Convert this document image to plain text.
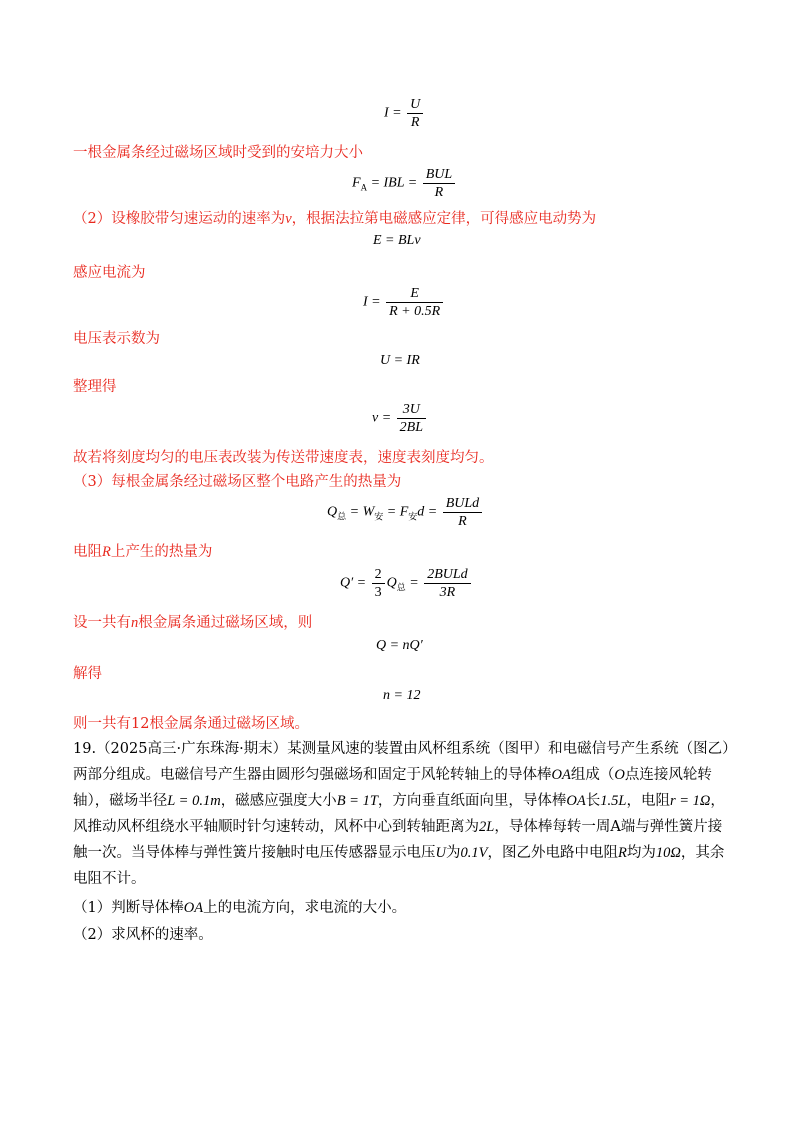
$I = \frac{U}{R}$
一根金属条经过磁场区域时受到的安培力大小
$F_A$ = IBL = $\frac{\text{BUL}}{R}$
（2）设橡胶带匀速运动的速率为v，根据法拉第电磁感应定律，可得感应电动势为
E = BLv
感应电流为
$I = \frac{E}{R + 0.5R}$
电压表示数为
U = IR
整理得
$v = \frac{3U}{2BL}$
故若将刻度均匀的电压表改装为传送带速度表，速度表刻度均匀。
（3）每根金属条经过磁场区整个电路产生的热量为
$Q_总 = W_安 = F_安d = \frac{\text{BULd}}{R}$
电阻R上产生的热量为
$Q' = \frac{2}{3} Q_总 = \frac{\text{2BULd}}{3R}$
设一共有n根金属条通过磁场区域，则
Q = nQ′
解得
n = 12
则一共有12根金属条通过磁场区域。
19.（2025高三·广东珠海·期末）某测量风速的装置由风杯组系统（图甲）和电磁信号产生系统（图乙）两部分组成。电磁信号产生器由圆形匀强磁场和固定于风轮转轴上的导体棒OA组成（O点连接风轮转轴），磁场半径L = 0.1m，磁感应强度大小B = 1T，方向垂直纸面向里，导体棒OA长1.5L，电阻r = 1Ω，风推动风杯组绕水平轴顺时针匀速转动，风杯中心到转轴距离为2L，导体棒每转一周A端与弹性簧片接触一次。当导体棒与弹性簧片接触时电压传感器显示电压U为0.1V，图乙外电路中电阻R均为10Ω，其余电阻不计。
（1）判断导体棒OA上的电流方向，求电流的大小。
（2）求风杯的速率。
